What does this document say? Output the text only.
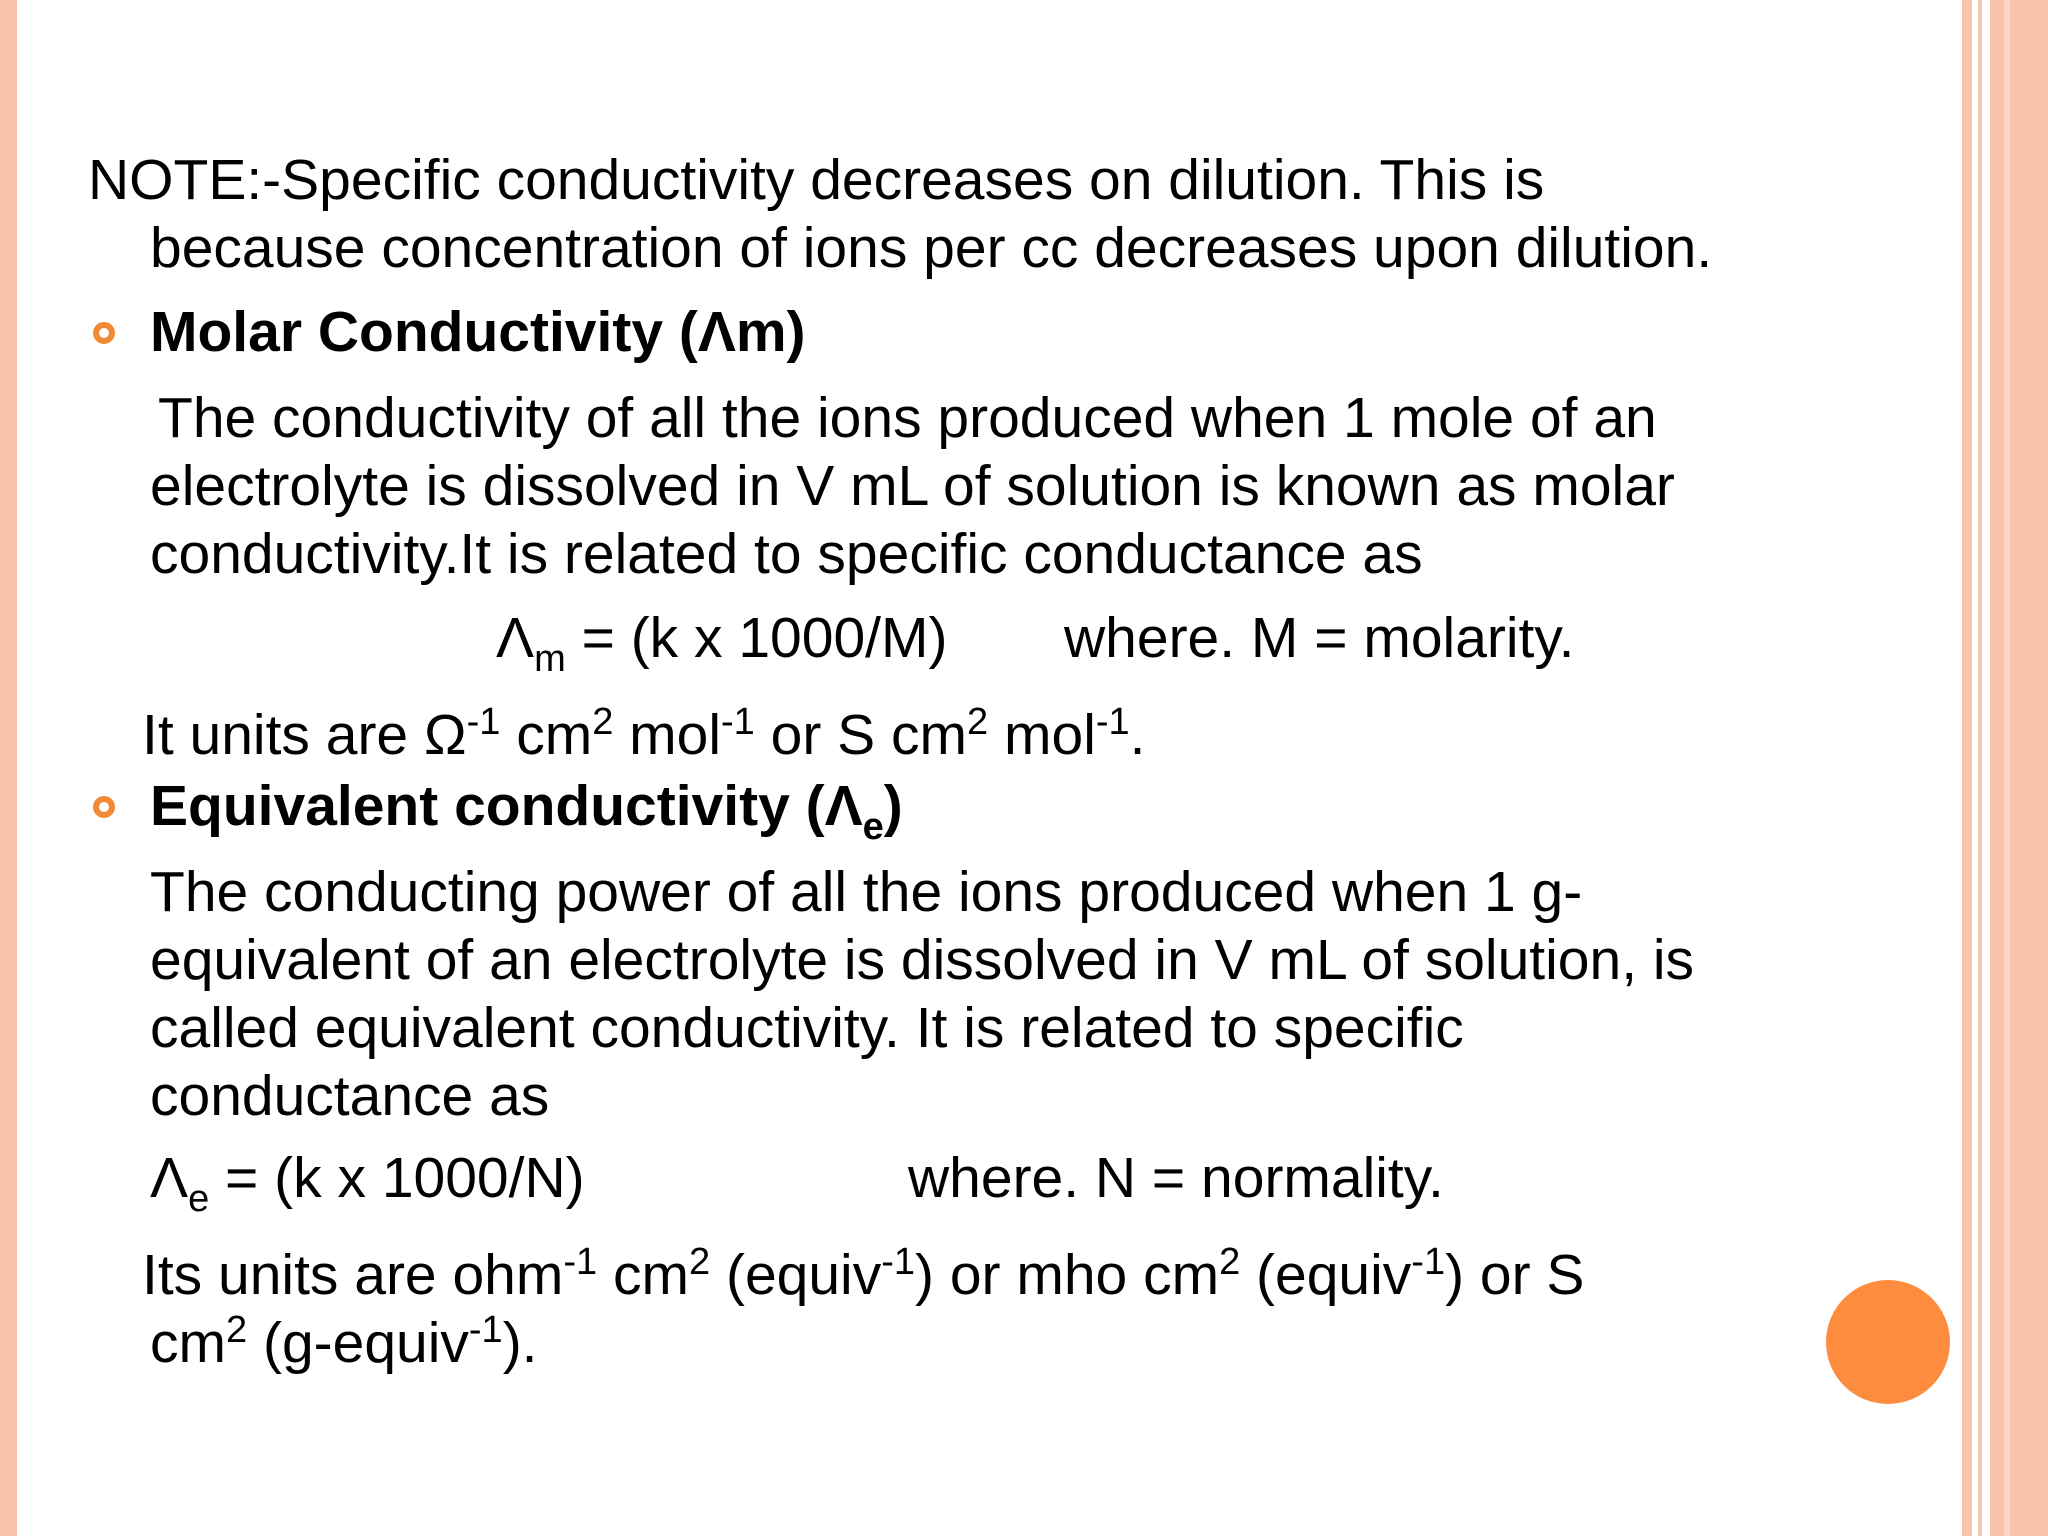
NOTE:-Specific conductivity decreases on dilution. This is
because concentration of ions per cc decreases upon dilution.
Molar Conductivity (Λm)
The conductivity of all the ions produced when 1 mole of an
electrolyte is dissolved in V mL of solution is known as molar
conductivity.It is related to specific conductance as
$\Lambda_m = (k$ x 1000/M) where. M = molarity.
It units are $\Omega^{-1}$ $cm^2$ mol$^{-1}$ or S $cm^2$ mol$^{-1}$.
Equivalent conductivity $(\Lambda_e)$
The conducting power of all the ions produced when 1 g-
equivalent of an electrolyte is dissolved in V mL of solution, is
called equivalent conductivity. It is related to specific
conductance as
$\Lambda_e = (k$ x 1000/N)	where. N = normality.
Its units are ohm$^{-1}$ $cm^2$ (equiv$^{-1}$) or mho $cm^2$ (equiv$^{-1}$) or S
$cm^2$ (g-equiv$^{-1}$).
